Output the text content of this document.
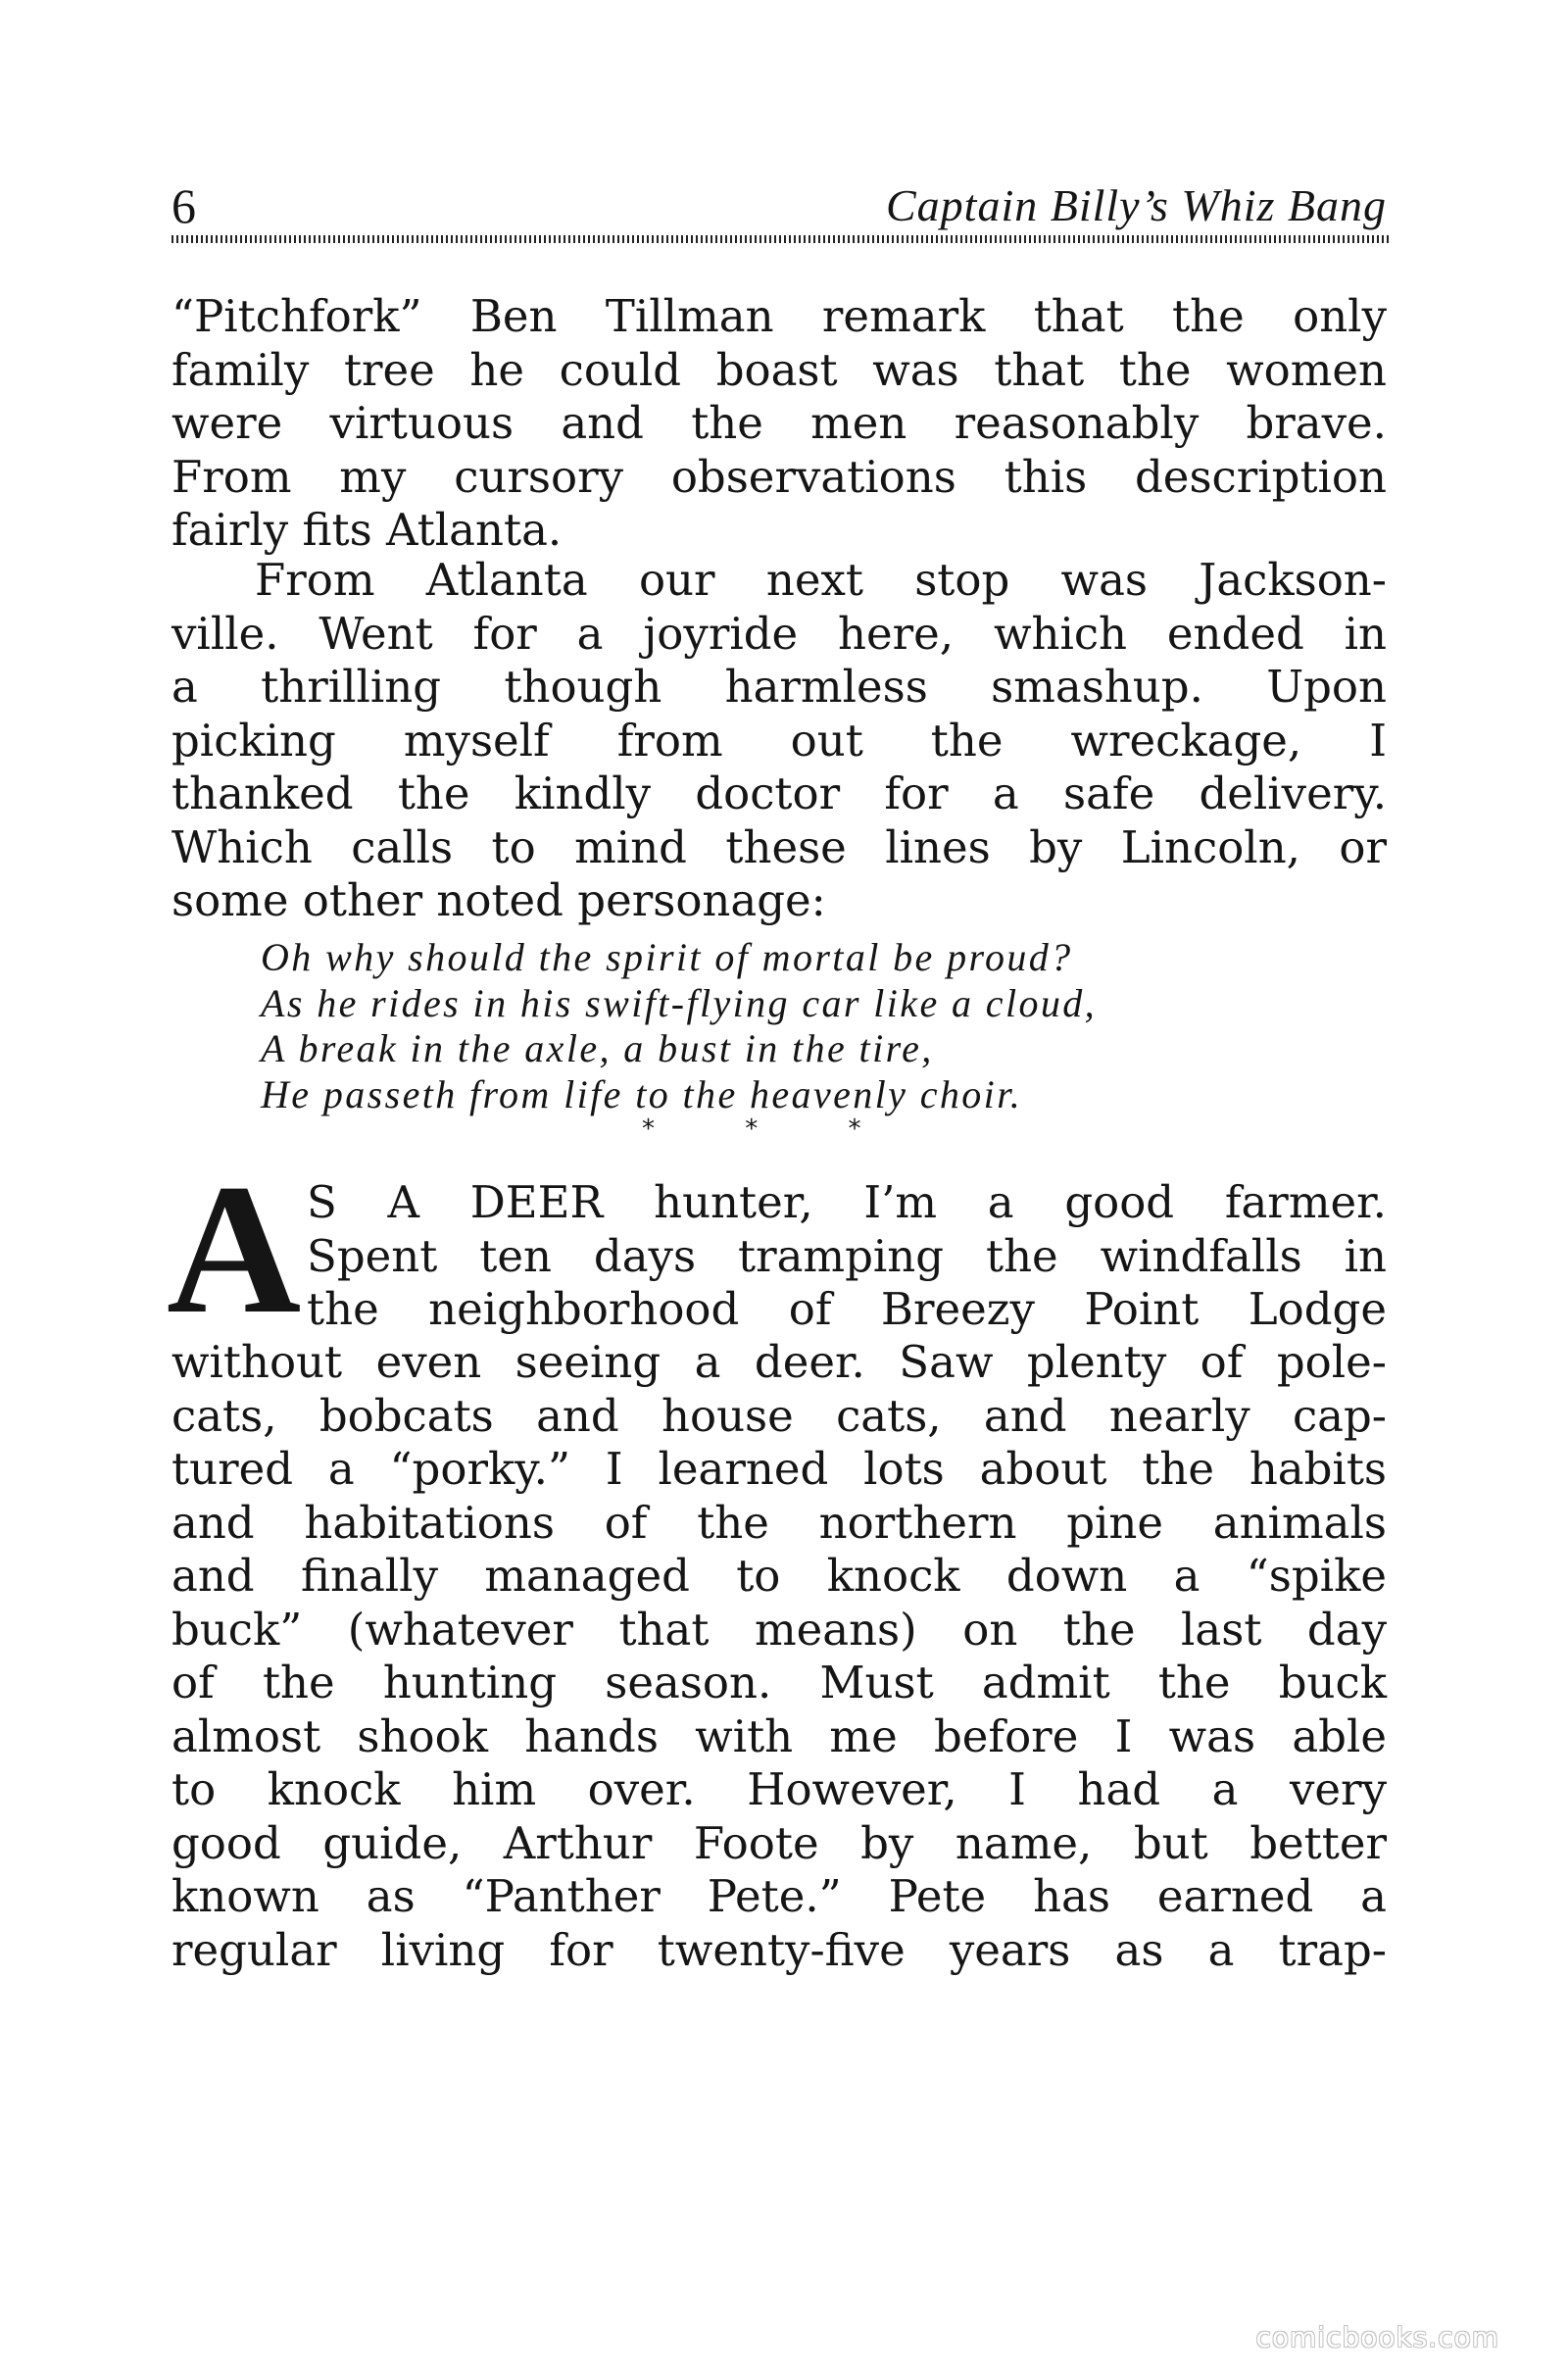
6	Captain Billy’s Whiz Bang
“Pitchfork” Ben Tillman remark that the only
family tree he could boast was that the women
were virtuous and the men reasonably brave.
From my cursory observations this description
fairly fits Atlanta.
From Atlanta our next stop was Jackson-
ville. Went for a joyride here, which ended in
a thrilling though harmless smashup. Upon
picking myself from out the wreckage, I
thanked the kindly doctor for a safe delivery.
Which calls to mind these lines by Lincoln, or
some other noted personage:
Oh why should the spirit of mortal be proud?
As he rides in his swift-flying car like a cloud,
A break in the axle, a bust in the tire,
He passeth from life to the heavenly choir.
* * *
A S A DEER hunter, I’m a good farmer.
Spent ten days tramping the windfalls in
the neighborhood of Breezy Point Lodge
without even seeing a deer. Saw plenty of pole-
cats, bobcats and house cats, and nearly cap-
tured a “porky.” I learned lots about the habits
and habitations of the northern pine animals
and finally managed to knock down a “spike
buck” (whatever that means) on the last day
of the hunting season. Must admit the buck
almost shook hands with me before I was able
to knock him over. However, I had a very
good guide, Arthur Foote by name, but better
known as “Panther Pete.” Pete has earned a
regular living for twenty-five years as a trap-
comicbooks.com
